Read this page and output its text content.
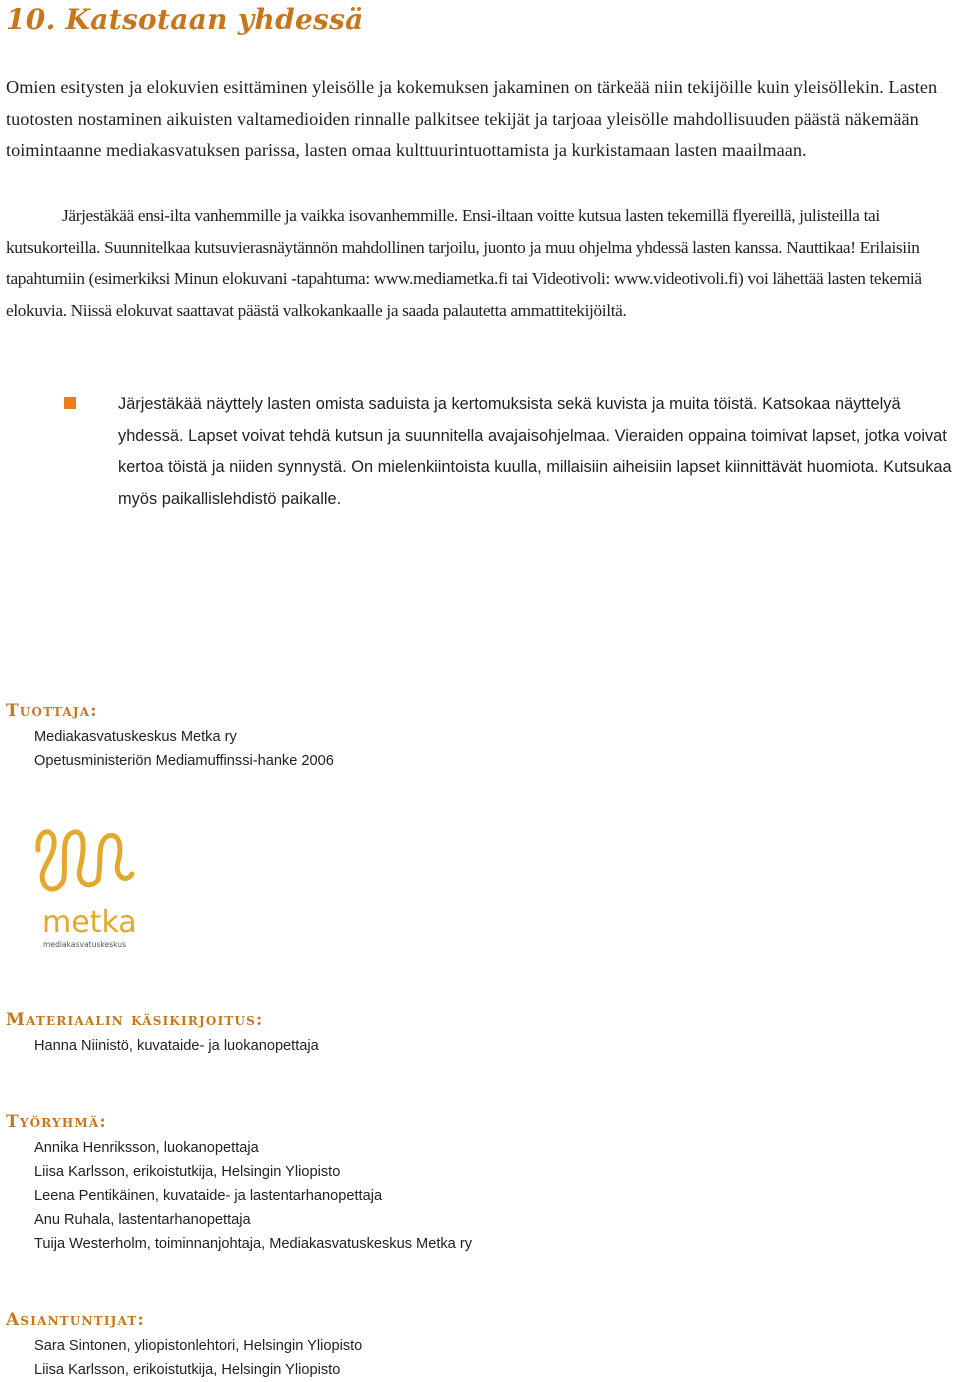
10. Katsotaan yhdessä

Omien esitysten ja elokuvien esittäminen yleisölle ja kokemuksen jakaminen on tärkeää niin tekijöille kuin yleisöllekin. Lasten tuotosten nostaminen aikuisten valtamedioiden rinnalle palkitsee tekijät ja tarjoaa yleisölle mahdollisuuden päästä näkemään toimintaanne mediakasvatuksen parissa, lasten omaa kulttuurintuottamista ja kurkistamaan lasten maailmaan.

Järjestäkää ensi-ilta vanhemmille ja vaikka isovanhemmille. Ensi-iltaan voitte kutsua lasten tekemillä flyereillä, julisteilla tai kutsukorteilla. Suunnitelkaa kutsuvierasnäytännön mahdollinen tarjoilu, juonto ja muu ohjelma yhdessä lasten kanssa. Nauttikaa! Erilaisiin tapahtumiin (esimerkiksi Minun elokuvani -tapahtuma: www.mediametka.fi tai Videotivoli: www.videotivoli.fi) voi lähettää lasten tekemiä elokuvia. Niissä elokuvat saattavat päästä valkokankaalle ja saada palautetta ammattitekijöiltä.

Järjestäkää näyttely lasten omista saduista ja kertomuksista sekä kuvista ja muita töistä. Katsokaa näyttelyä yhdessä. Lapset voivat tehdä kutsun ja suunnitella avajaisohjelmaa. Vieraiden oppaina toimivat lapset, jotka voivat kertoa töistä ja niiden synnystä. On mielenkiintoista kuulla, millaisiin aiheisiin lapset kiinnittävät huomiota. Kutsukaa myös paikallislehdistö paikalle.

Tuottaja:
Mediakasvatuskeskus Metka ry
Opetusministeriön Mediamuffinssi-hanke 2006
metka
mediakasvatuskeskus
Materiaalin käsikirjoitus:
Hanna Niinistö, kuvataide- ja luokanopettaja
Työryhmä:
Annika Henriksson, luokanopettaja
Liisa Karlsson, erikoistutkija, Helsingin Yliopisto
Leena Pentikäinen, kuvataide- ja lastentarhanopettaja
Anu Ruhala, lastentarhanopettaja
Tuija Westerholm, toiminnanjohtaja, Mediakasvatuskeskus Metka ry
Asiantuntijat:
Sara Sintonen, yliopistonlehtori, Helsingin Yliopisto
Liisa Karlsson, erikoistutkija, Helsingin Yliopisto
